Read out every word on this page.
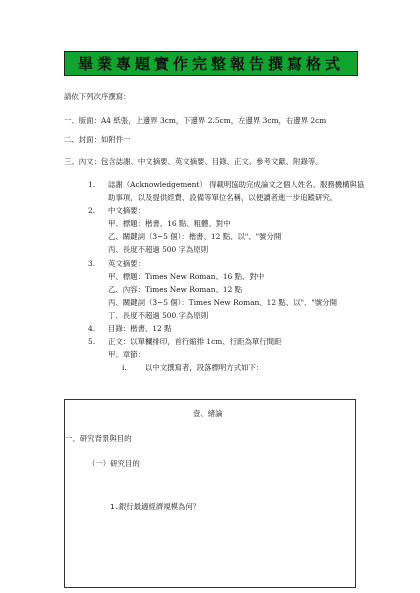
畢業專題實作完整報告撰寫格式
請依下列次序撰寫：
一、版面：A4 紙張，上邊界 3cm，下邊界 2.5cm，左邊界 3cm，右邊界 2cm
二、封面：如附件一
三、內文：包含誌謝、中文摘要、英文摘要、目錄、正文、參考文獻、附錄等。
1. 誌謝（Acknowledgement） 得載明協助完成論文之個人姓名、服務機構與協
助事項，以及提供經費、設備等單位名稱，以便讀者進一步追蹤研究。
2. 中文摘要：
甲、標題：楷書、16 點、粗體、對中
乙、關鍵詞（3~5 個）：楷書、12 點、以"、"號分開
丙、長度不超過 500 字為原則
3. 英文摘要：
甲、標題：Times New Roman、16 點、對中
乙、內容：Times New Roman、12 點
丙、關鍵詞（3~5 個）：Times New Roman、12 點、以"、"號分開
丁、長度不超過 500 字為原則
4. 目錄：楷書、12 點
5. 正文：以單欄排印，首行縮排 1cm、行距為單行間距
甲、章節：
i. 以中文撰寫者，段落標明方式如下：
壹、緒論
一、研究背景與目的
（一）研究目的
1.銀行最適經濟規模為何？
